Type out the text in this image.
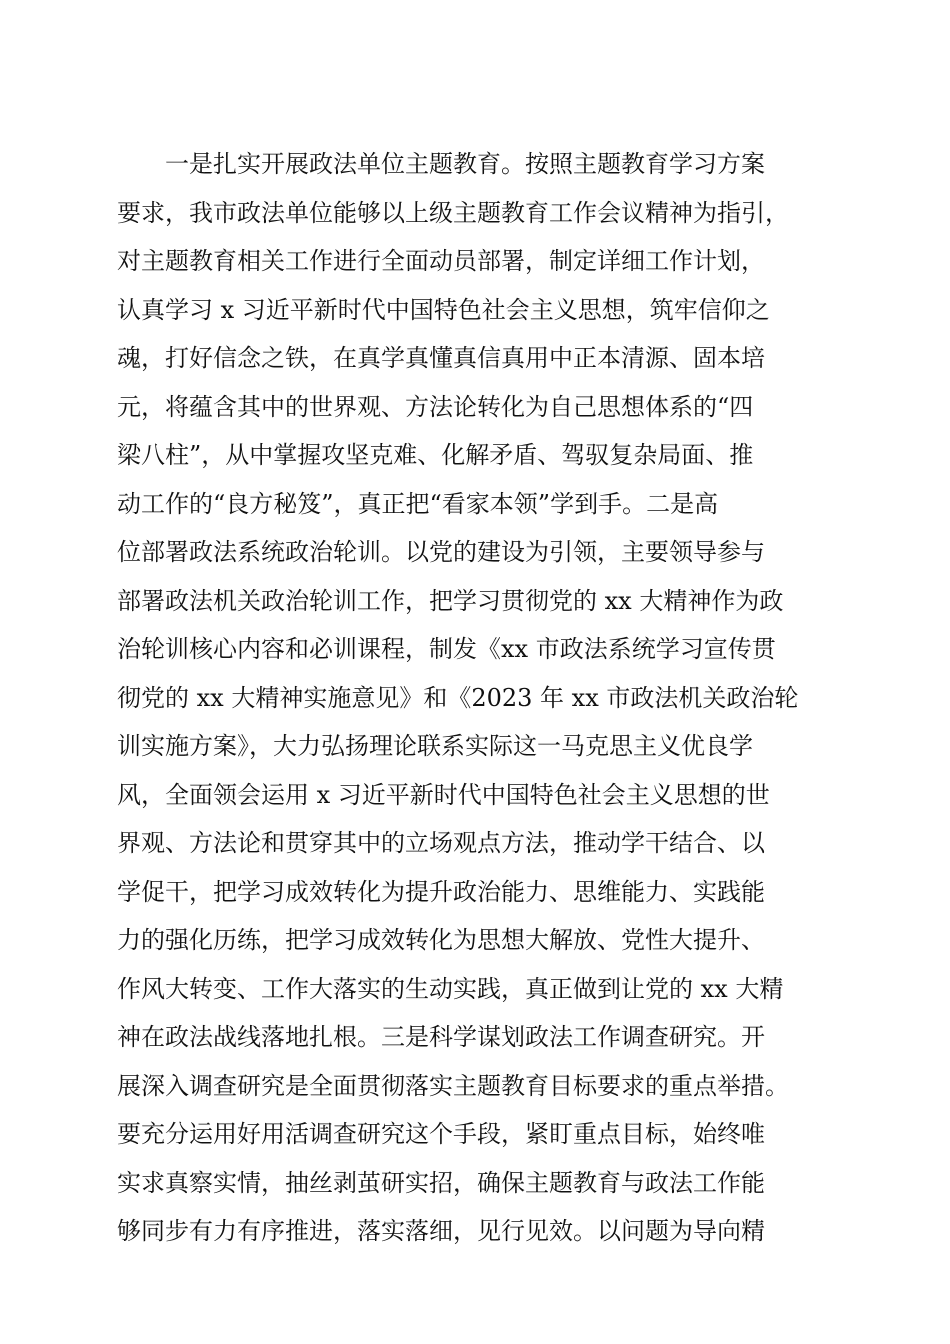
一是扎实开展政法单位主题教育。按照主题教育学习方案
要求，我市政法单位能够以上级主题教育工作会议精神为指引，
对主题教育相关工作进行全面动员部署，制定详细工作计划，
认真学习 x 习近平新时代中国特色社会主义思想，筑牢信仰之
魂，打好信念之铁，在真学真懂真信真用中正本清源、固本培
元，将蕴含其中的世界观、方法论转化为自己思想体系的“四
梁八柱”，从中掌握攻坚克难、化解矛盾、驾驭复杂局面、推
动工作的“良方秘笈”，真正把“看家本领”学到手。二是高
位部署政法系统政治轮训。以党的建设为引领，主要领导参与
部署政法机关政治轮训工作，把学习贯彻党的 xx 大精神作为政
治轮训核心内容和必训课程，制发《xx 市政法系统学习宣传贯
彻党的 xx 大精神实施意见》和《2023 年 xx 市政法机关政治轮
训实施方案》，大力弘扬理论联系实际这一马克思主义优良学
风，全面领会运用 x 习近平新时代中国特色社会主义思想的世
界观、方法论和贯穿其中的立场观点方法，推动学干结合、以
学促干，把学习成效转化为提升政治能力、思维能力、实践能
力的强化历练，把学习成效转化为思想大解放、党性大提升、
作风大转变、工作大落实的生动实践，真正做到让党的 xx 大精
神在政法战线落地扎根。三是科学谋划政法工作调查研究。开
展深入调查研究是全面贯彻落实主题教育目标要求的重点举措。
要充分运用好用活调查研究这个手段，紧盯重点目标，始终唯
实求真察实情，抽丝剥茧研实招，确保主题教育与政法工作能
够同步有力有序推进，落实落细，见行见效。以问题为导向精
